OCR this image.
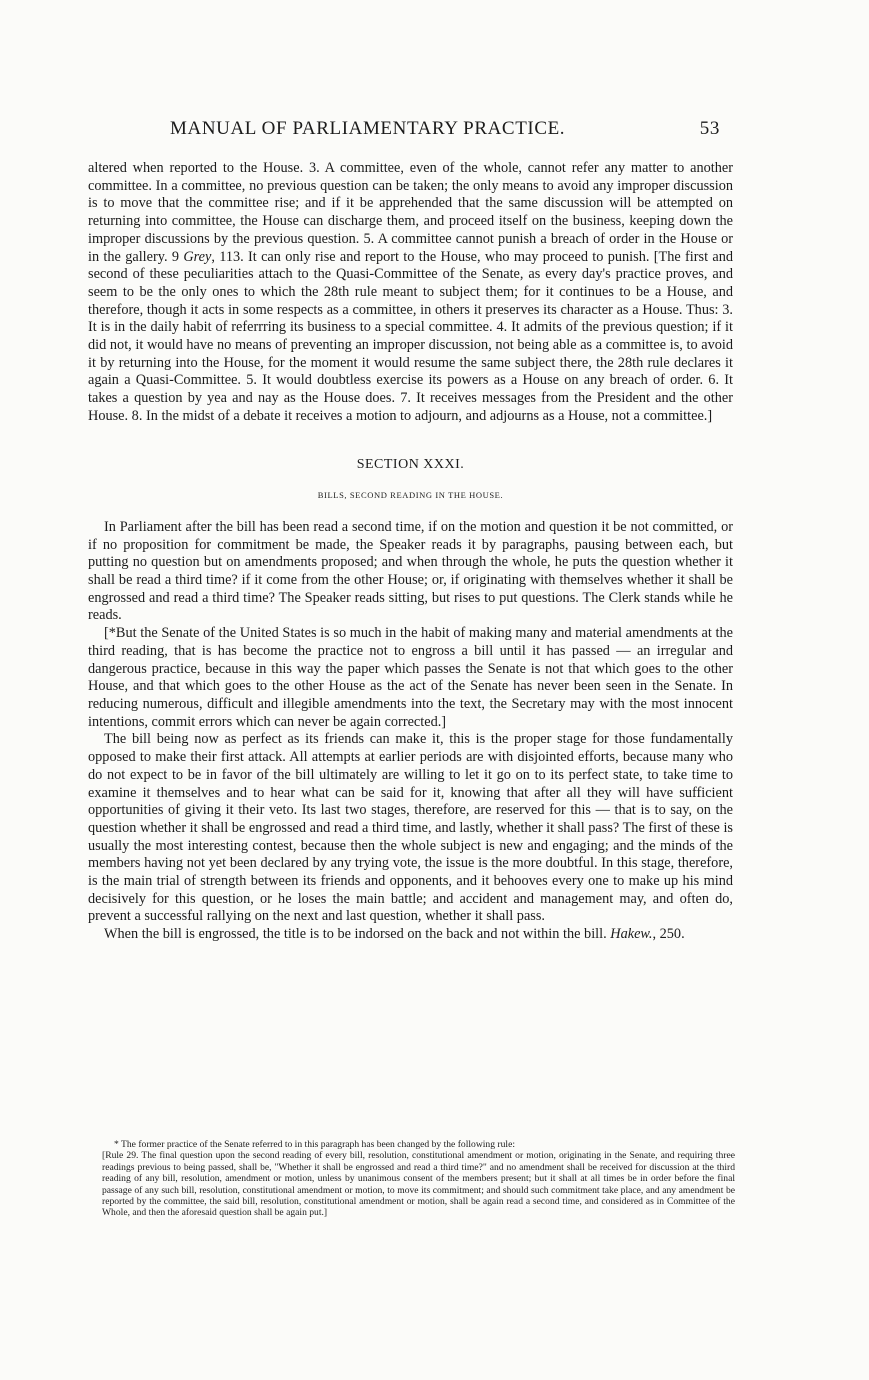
MANUAL OF PARLIAMENTARY PRACTICE.	53

altered when reported to the House. 3. A committee, even of the whole, cannot refer any matter to another committee. In a committee, no previous question can be taken; the only means to avoid any improper discussion is to move that the committee rise; and if it be apprehended that the same discussion will be attempted on returning into committee, the House can discharge them, and proceed itself on the business, keeping down the improper discussions by the previous question. 5. A committee cannot punish a breach of order in the House or in the gallery. 9 Grey, 113. It can only rise and report to the House, who may proceed to punish. [The first and second of these peculiarities attach to the Quasi-Committee of the Senate, as every day's practice proves, and seem to be the only ones to which the 28th rule meant to subject them; for it continues to be a House, and therefore, though it acts in some respects as a committee, in others it preserves its character as a House. Thus: 3. It is in the daily habit of referrring its business to a special committee. 4. It admits of the previous question; if it did not, it would have no means of preventing an improper discussion, not being able as a committee is, to avoid it by returning into the House, for the moment it would resume the same subject there, the 28th rule declares it again a Quasi-Committee. 5. It would doubtless exercise its powers as a House on any breach of order. 6. It takes a question by yea and nay as the House does. 7. It receives messages from the President and the other House. 8. In the midst of a debate it receives a motion to adjourn, and adjourns as a House, not a committee.]

SECTION XXXI.

BILLS, SECOND READING IN THE HOUSE.

In Parliament after the bill has been read a second time, if on the motion and question it be not committed, or if no proposition for commitment be made, the Speaker reads it by paragraphs, pausing between each, but putting no question but on amendments proposed; and when through the whole, he puts the question whether it shall be read a third time? if it come from the other House; or, if originating with themselves whether it shall be engrossed and read a third time? The Speaker reads sitting, but rises to put questions. The Clerk stands while he reads.

[*But the Senate of the United States is so much in the habit of making many and material amendments at the third reading, that is has become the practice not to engross a bill until it has passed — an irregular and dangerous practice, because in this way the paper which passes the Senate is not that which goes to the other House, and that which goes to the other House as the act of the Senate has never been seen in the Senate. In reducing numerous, difficult and illegible amendments into the text, the Secretary may with the most innocent intentions, commit errors which can never be again corrected.]

The bill being now as perfect as its friends can make it, this is the proper stage for those fundamentally opposed to make their first attack. All attempts at earlier periods are with disjointed efforts, because many who do not expect to be in favor of the bill ultimately are willing to let it go on to its perfect state, to take time to examine it themselves and to hear what can be said for it, knowing that after all they will have sufficient opportunities of giving it their veto. Its last two stages, therefore, are reserved for this — that is to say, on the question whether it shall be engrossed and read a third time, and lastly, whether it shall pass? The first of these is usually the most interesting contest, because then the whole subject is new and engaging; and the minds of the members having not yet been declared by any trying vote, the issue is the more doubtful. In this stage, therefore, is the main trial of strength between its friends and opponents, and it behooves every one to make up his mind decisively for this question, or he loses the main battle; and accident and management may, and often do, prevent a successful rallying on the next and last question, whether it shall pass.

When the bill is engrossed, the title is to be indorsed on the back and not within the bill. Hakew., 250.

* The former practice of the Senate referred to in this paragraph has been changed by the following rule:

[Rule 29. The final question upon the second reading of every bill, resolution, constitutional amendment or motion, originating in the Senate, and requiring three readings previous to being passed, shall be, "Whether it shall be engrossed and read a third time?" and no amendment shall be received for discussion at the third reading of any bill, resolution, amendment or motion, unless by unanimous consent of the members present; but it shall at all times be in order before the final passage of any such bill, resolution, constitutional amendment or motion, to move its commitment; and should such commitment take place, and any amendment be reported by the committee, the said bill, resolution, constitutional amendment or motion, shall be again read a second time, and considered as in Committee of the Whole, and then the aforesaid question shall be again put.]
